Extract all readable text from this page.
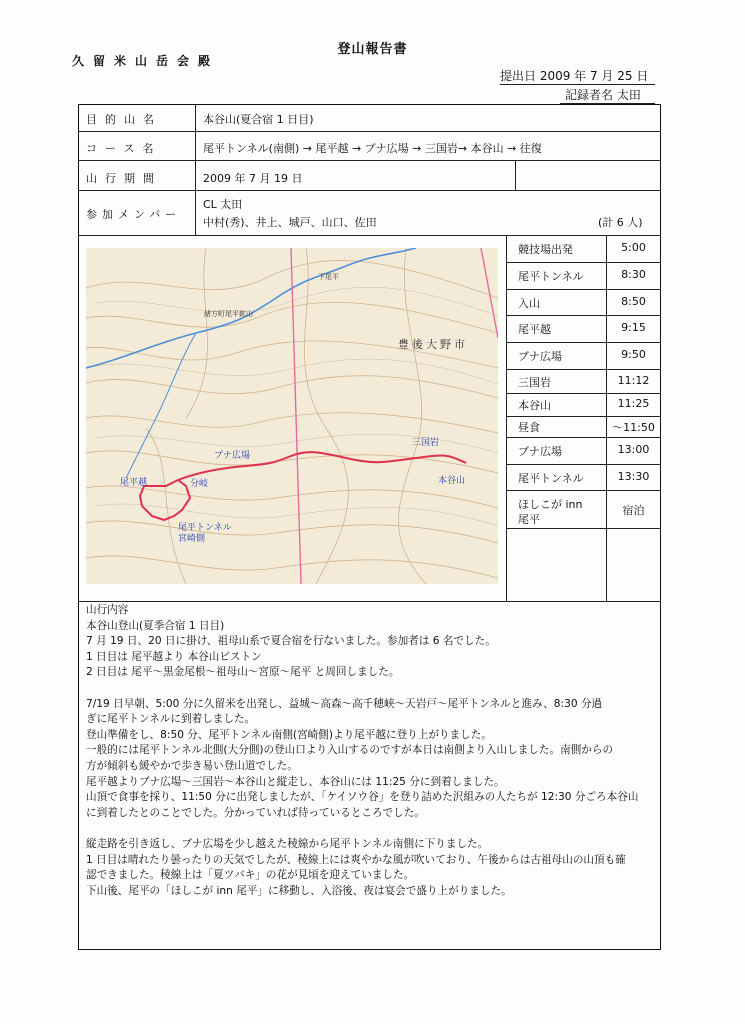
登山報告書
久留米山岳会殿
提出日 2009 年 7 月 25 日
記録者名 太田
目的山名	本谷山(夏合宿 1 日目)
コース名	尾平トンネル(南側) → 尾平越 → ブナ広場 → 三国岩→ 本谷山 → 往復
山行期間	2009 年 7 月 19 日
参加メンバー
CL 太田
中村(秀)、井上、城戸、山口、佐田	(計 6 人)
競技場出発	5:00
尾平トンネル	8:30
入山	8:50
尾平越	9:15
ブナ広場	9:50
三国岩	11:12
本谷山	11:25
昼食	～11:50
ブナ広場	13:00
尾平トンネル	13:30
ほしこが inn	宿泊
尾平
豊後大野市
緒方町尾平鉱山
下尾平
ブナ広場
三国岩
本谷山
尾平越	分岐
尾平トンネル
宮崎側

山行内容

本谷山登山(夏季合宿 1 日目)

7 月 19 日、20 日に掛け、祖母山系で夏合宿を行ないました。参加者は 6 名でした。

1 日目は 尾平越より 本谷山ピストン

2 日目は 尾平～黒金尾根～祖母山～宮原～尾平 と周回しました。

7/19 日早朝、5:00 分に久留米を出発し、益城～高森～高千穂峡～天岩戸～尾平トンネルと進み、8:30 分過

ぎに尾平トンネルに到着しました。

登山準備をし、8:50 分、尾平トンネル南側(宮崎側)より尾平越に登り上がりました。

一般的には尾平トンネル北側(大分側)の登山口より入山するのですが本日は南側より入山しました。南側からの

方が傾斜も緩やかで歩き易い登山道でした。

尾平越よりブナ広場～三国岩～本谷山と縦走し、本谷山には 11:25 分に到着しました。

山頂で食事を採り、11:50 分に出発しましたが、「ケイソウ谷」を登り詰めた沢組みの人たちが 12:30 分ごろ本谷山

に到着したとのことでした。分かっていれば待っているところでした。

縦走路を引き返し、ブナ広場を少し越えた稜線から尾平トンネル南側に下りました。

1 日目は晴れたり曇ったりの天気でしたが、稜線上には爽やかな風が吹いており、午後からは古祖母山の山頂も確

認できました。稜線上は「夏ツバキ」の花が見頃を迎えていました。

下山後、尾平の「ほしこが inn 尾平」に移動し、入浴後、夜は宴会で盛り上がりました。
